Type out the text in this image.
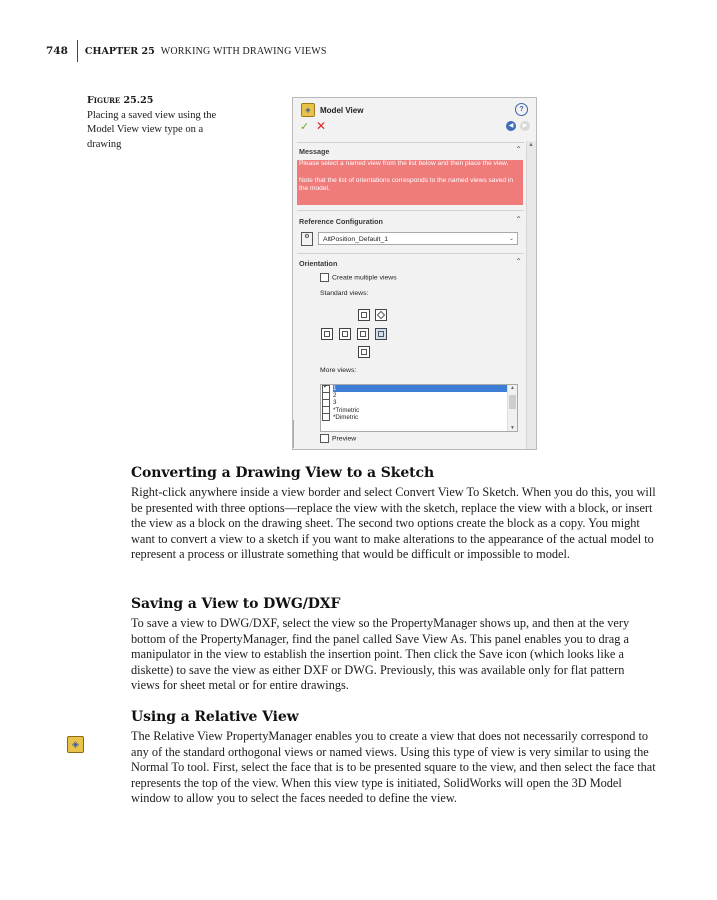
748 CHAPTER 25 WORKING WITH DRAWING VIEWS
Figure 25.25
Placing a saved view using the Model View view type on a drawing
◈	Model View	?
✓ ✕	◀	▶
▲
Message	⌃

Please select a named view from the list below and then place the view.

Note that the list of orientations corresponds to the named views saved in the model.

Reference Configuration	⌃
⚙	AltPosition_Default_1	⌄
Orientation	⌃
Create multiple views
Standard views:
More views:
✓
1
2
3
*Trimetric
*Dimetric
▲
▼
Preview
Converting a Drawing View to a Sketch

Right-click anywhere inside a view border and select Convert View To Sketch. When you do this, you will be presented with three options—replace the view with the sketch, replace the view with a block, or insert the view as a block on the drawing sheet. The second two options create the block as a copy. You might want to convert a view to a sketch if you want to make alterations to the appearance of the actual model to represent a process or illustrate something that would be difficult or impossible to model.

Saving a View to DWG/DXF

To save a view to DWG/DXF, select the view so the PropertyManager shows up, and then at the very bottom of the PropertyManager, find the panel called Save View As. This panel enables you to drag a manipulator in the view to establish the insertion point. Then click the Save icon (which looks like a diskette) to save the view as either DXF or DWG. Previously, this was available only for flat pattern views for sheet metal or for entire drawings.

◈
Using a Relative View

The Relative View PropertyManager enables you to create a view that does not necessarily correspond to any of the standard orthogonal views or named views. Using this type of view is very similar to using the Normal To tool. First, select the face that is to be presented square to the view, and then select the face that represents the top of the view. When this view type is initiated, SolidWorks will open the 3D Model window to allow you to select the faces needed to define the view.
